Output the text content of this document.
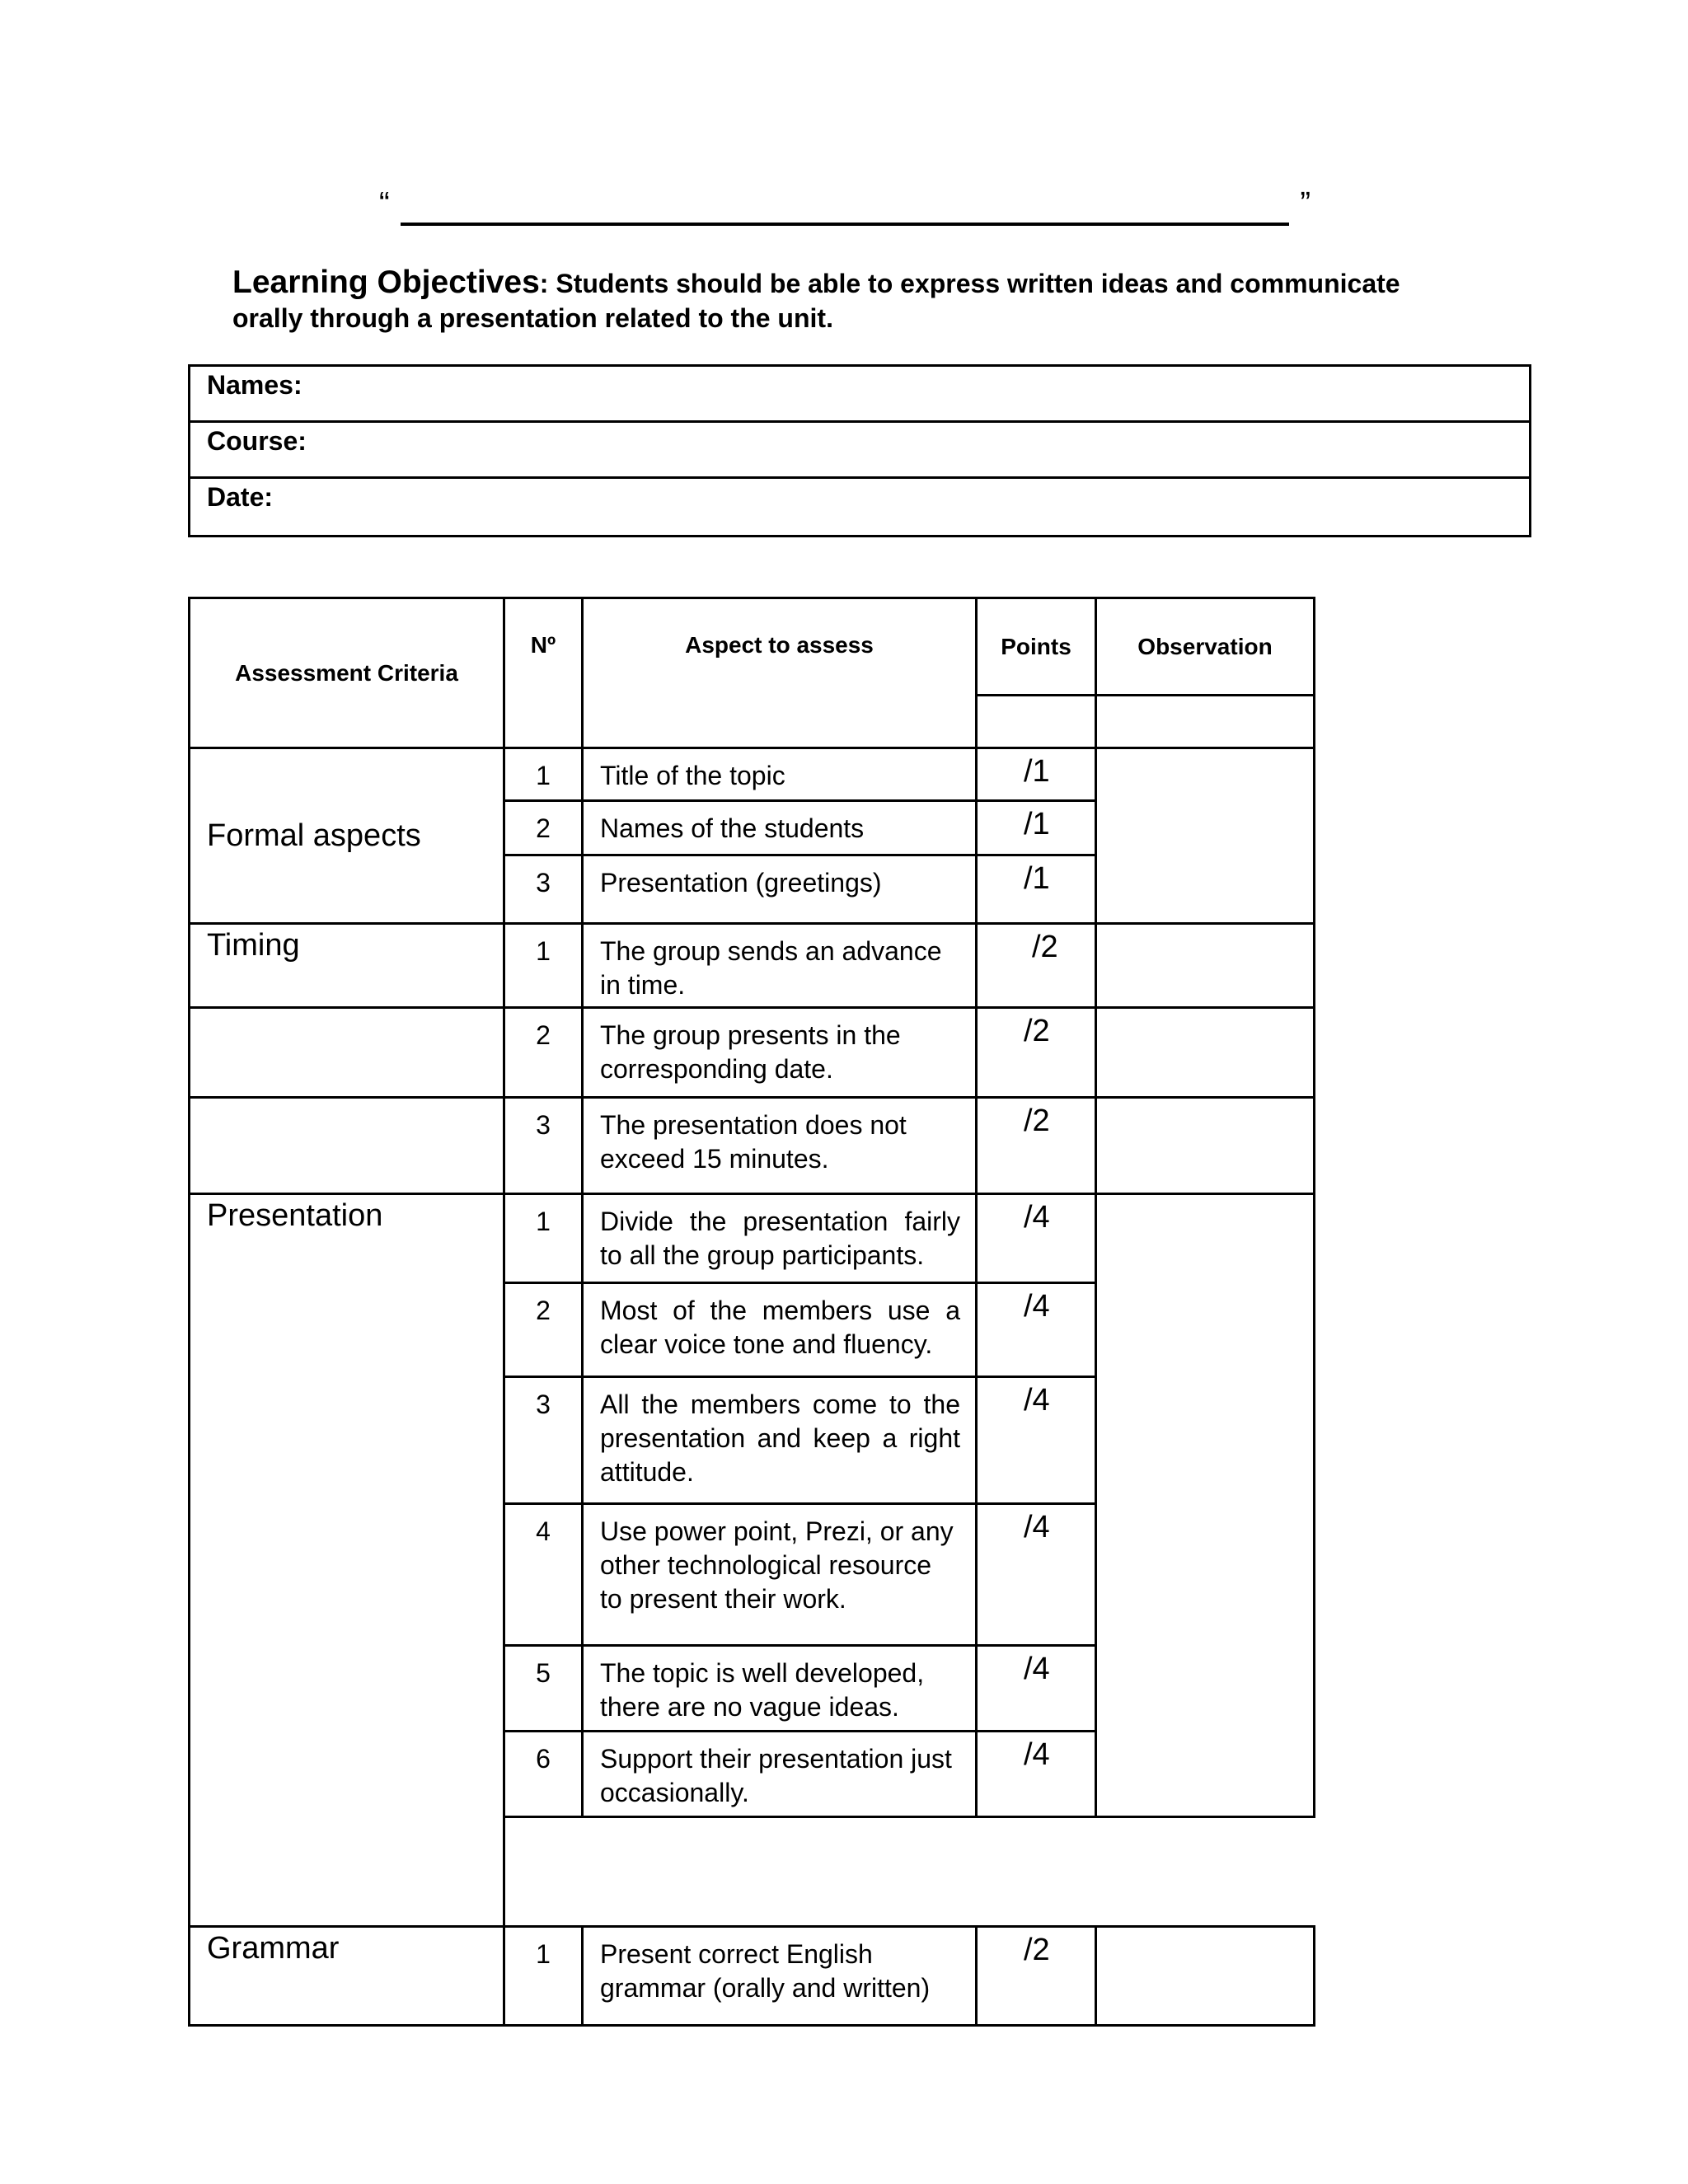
“	”
Learning Objectives: Students should be able to express written ideas and communicate orally through a presentation related to the unit.
Names:
Course:
Date:
Assessment Criteria	Nº	Aspect to assess	Points	Observation

Formal aspects	1	Title of the topic	/1	
	2	Names of the students	/1	
	3	Presentation (greetings)	/1	
Timing	1	The group sends an advance in time.	/2	
	2	The group presents in the corresponding date.	/2	
	3	The presentation does not exceed 15 minutes.	/2	
Presentation	1	Divide the presentation fairly to all the group participants.	/4	
	2	Most of the members use a clear voice tone and fluency.	/4	
	3	All the members come to the presentation and keep a right attitude.	/4	
	4	Use power point, Prezi, or any other technological resource to present their work.	/4	
	5	The topic is well developed, there are no vague ideas.	/4	
	6	Support their presentation just occasionally.	/4	

Grammar	1	Present correct English grammar (orally and written)	/2	
